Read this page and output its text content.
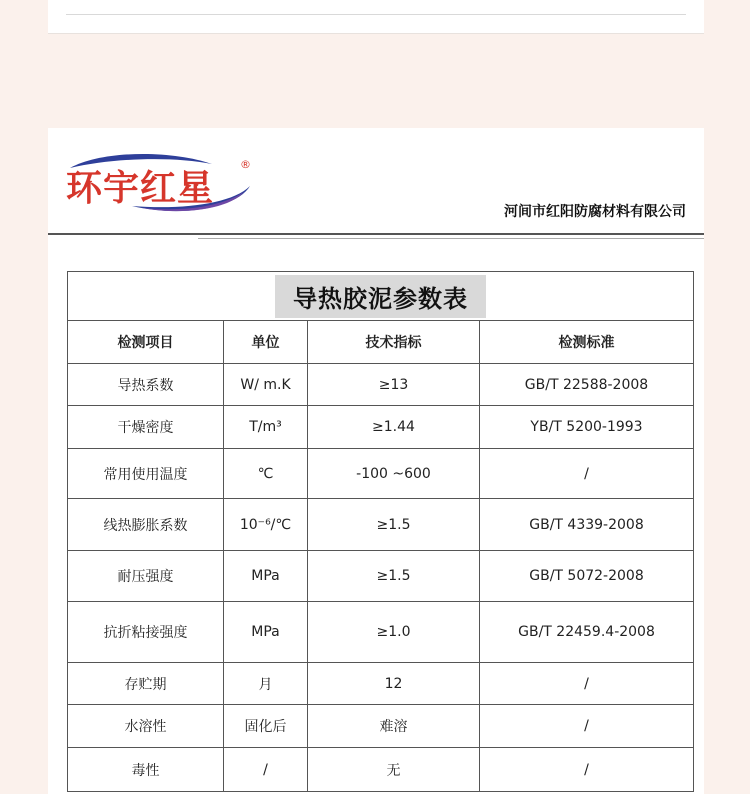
环宇红星
®
河间市红阳防腐材料有限公司
导热胶泥参数表			
检测项目	单位	技术指标	检测标准
导热系数	W/ m.K	≥13	GB/T 22588-2008
干燥密度	T/m³	≥1.44	YB/T 5200-1993
常用使用温度	℃	-100 ~600	/
线热膨胀系数	10⁻⁶/℃	≥1.5	GB/T 4339-2008
耐压强度	MPa	≥1.5	GB/T 5072-2008
抗折粘接强度	MPa	≥1.0	GB/T 22459.4-2008
存贮期	月	12	/
水溶性	固化后	难溶	/
毒性	/	无	/
